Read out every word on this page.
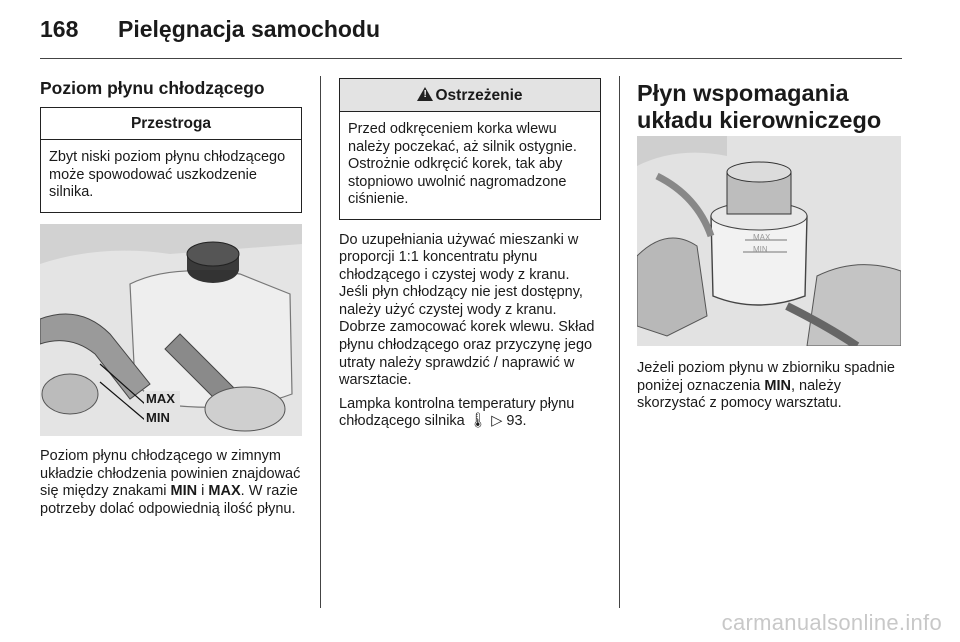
168 Pielęgnacja samochodu
Poziom płynu chłodzącego
Przestroga
Zbyt niski poziom płynu chłodzącego może spowodować uszkodzenie silnika.
MAX
MIN

Poziom płynu chłodzącego w zimnym układzie chłodzenia powinien znajdować się między znakami MIN i MAX. W razie potrzeby dolać odpowiednią ilość płynu.

!Ostrzeżenie
Przed odkręceniem korka wlewu należy poczekać, aż silnik ostygnie. Ostrożnie odkręcić korek, tak aby stopniowo uwolnić nagromadzone ciśnienie.

Do uzupełniania używać mieszanki w proporcji 1:1 koncentratu płynu chłodzącego i czystej wody z kranu. Jeśli płyn chłodzący nie jest dostępny, należy użyć czystej wody z kranu. Dobrze zamocować korek wlewu. Skład płynu chłodzącego oraz przyczynę jego utraty należy sprawdzić / naprawić w warsztacie.

Lampka kontrolna temperatury płynu chłodzącego silnika 🌡 ▷ 93.

Płyn wspomagania układu kierowniczego
MAX
MIN

Jeżeli poziom płynu w zbiorniku spadnie poniżej oznaczenia MIN, należy skorzystać z pomocy warsztatu.

carmanualsonline.info
